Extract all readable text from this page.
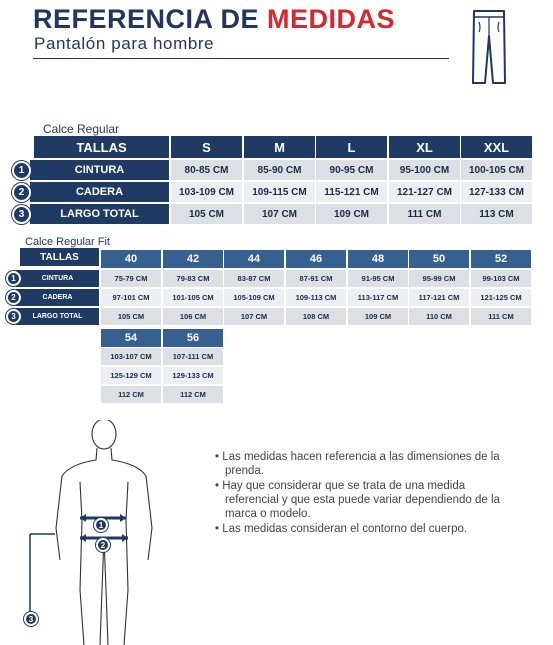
REFERENCIA DE MEDIDAS
Pantalón para hombre
Calce Regular
TALLAS	S	M	L	XL	XXL
CINTURA
1	80-85 CM	85-90 CM	90-95 CM	95-100 CM	100-105 CM
CADERA
2	103-109 CM	109-115 CM	115-121 CM	121-127 CM	127-133 CM
LARGO TOTAL
3	105 CM	107 CM	109 CM	111 CM	113 CM
Calce Regular Fit
TALLAS	40	42	44	46	48	50	52
CINTURA
1	75-79 CM	79-83 CM	83-87 CM	87-91 CM	91-95 CM	95-99 CM	99-103 CM
CADERA
2	97-101 CM	101-105 CM	105-109 CM	109-113 CM	113-117 CM	117-121 CM	121-125 CM
LARGO TOTAL
3	105 CM	106 CM	107 CM	108 CM	109 CM	110 CM	111 CM
54	56
103-107 CM	107-111 CM
125-129 CM	129-133 CM
112 CM	112 CM
1
2
3
• Las medidas hacen referencia a las dimensiones de la prenda.
• Hay que considerar que se trata de una medida referencial y que esta puede variar dependiendo de la marca o modelo.
• Las medidas consideran el contorno del cuerpo.
